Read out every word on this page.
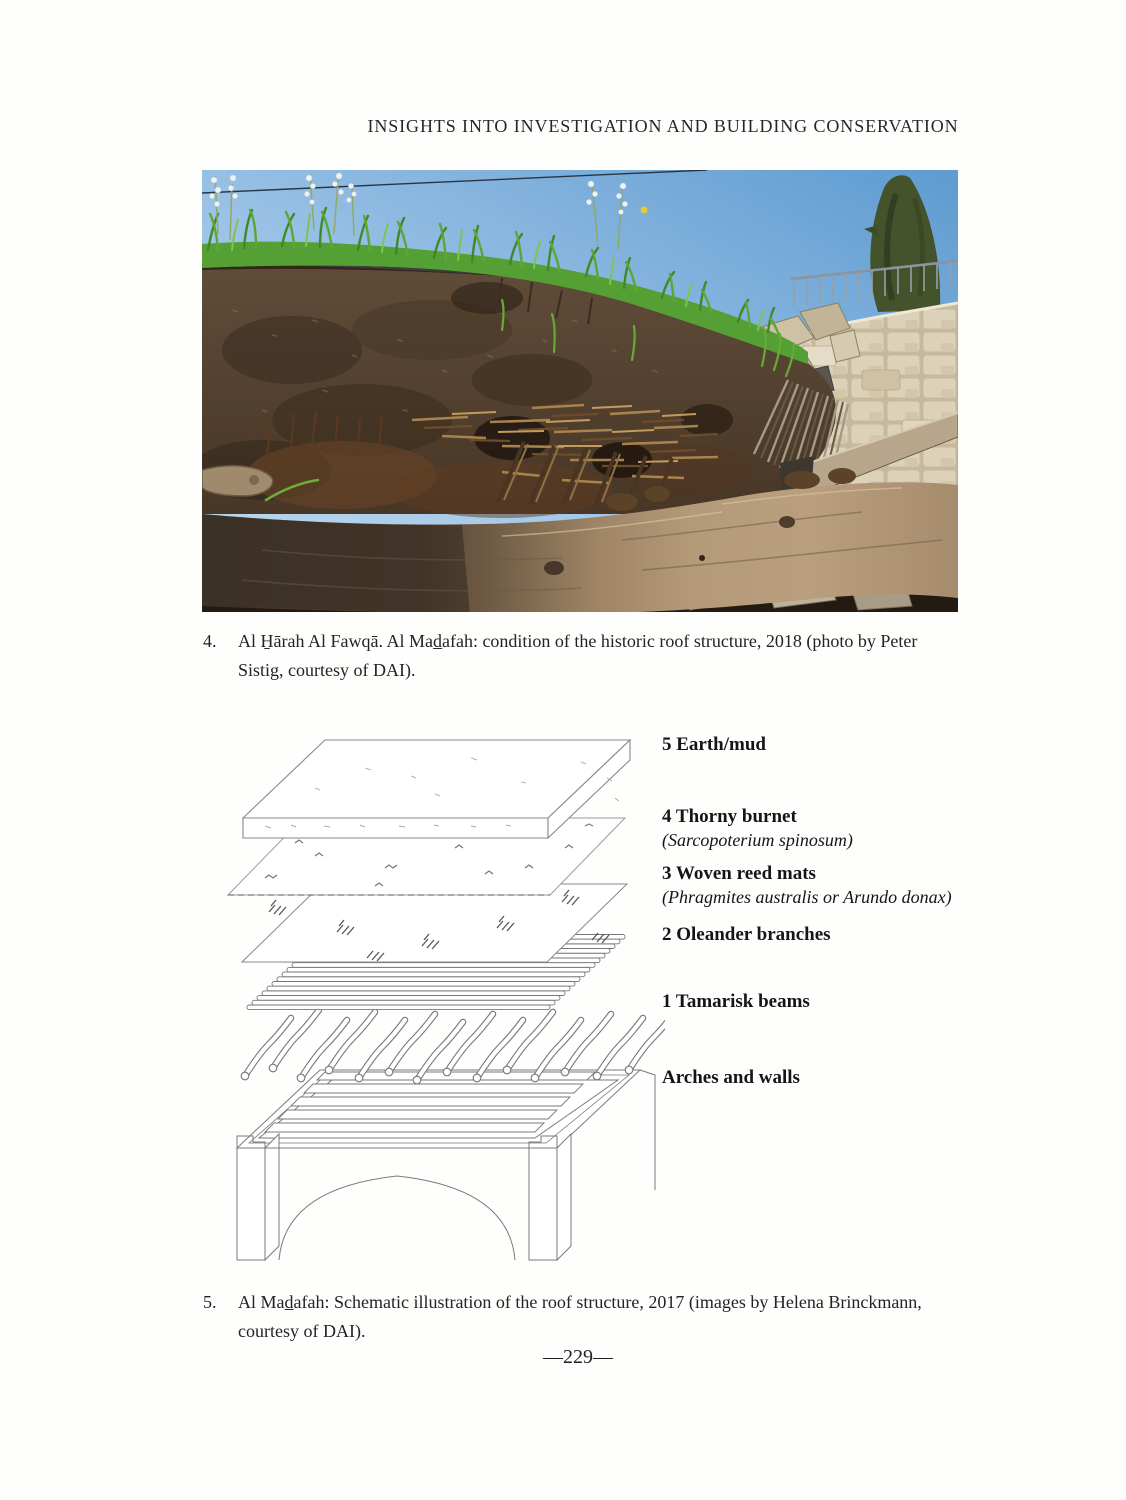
INSIGHTS INTO INVESTIGATION AND BUILDING CONSERVATION
4.	Al H̱ārah Al Fawqā. Al Mad̲afah: condition of the historic roof structure, 2018 (photo by Peter
Sistig, courtesy of DAI).
5 Earth/mud
4 Thorny burnet
(Sarcopoterium spinosum)
3 Woven reed mats
(Phragmites australis or Arundo donax)
2 Oleander branches
1 Tamarisk beams
Arches and walls
5.	Al Mad̲afah: Schematic illustration of the roof structure, 2017 (images by Helena Brinckmann,
courtesy of DAI).
—229—
